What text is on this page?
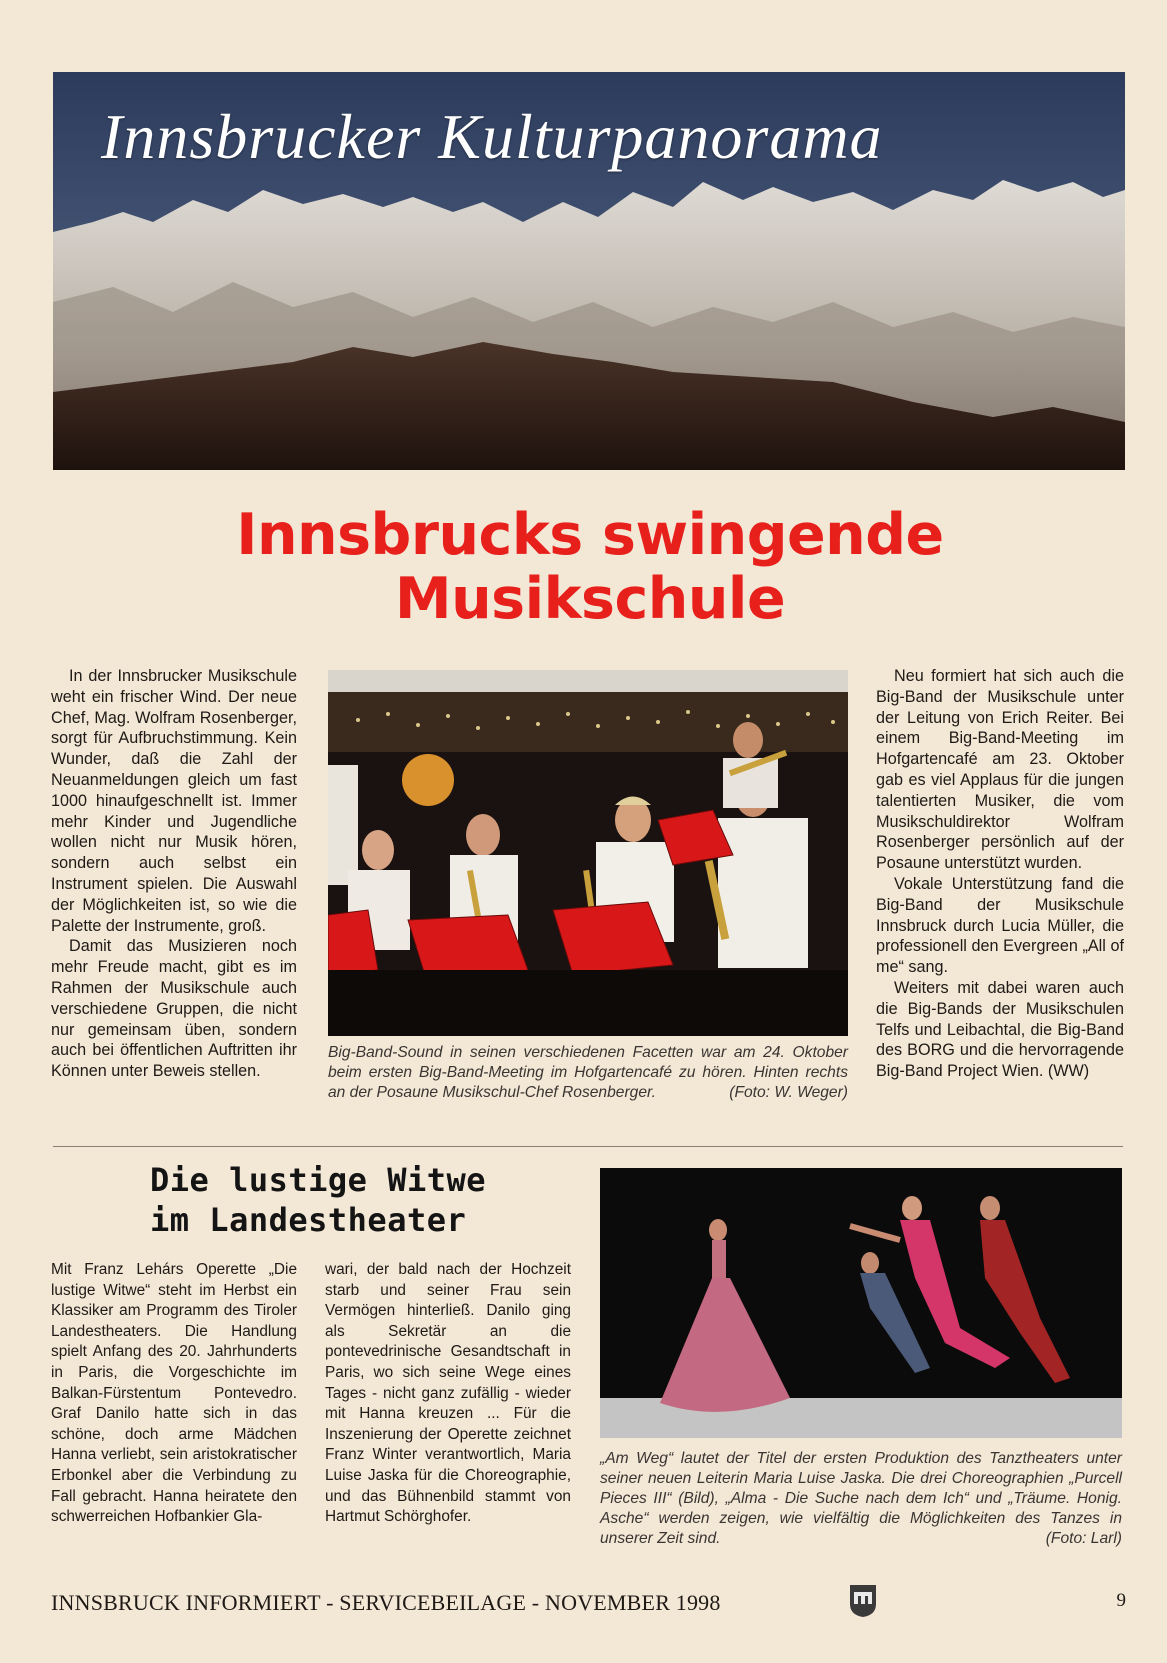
Innsbrucker Kulturpanorama
Innsbrucks swingende
Musikschule

In der Innsbrucker Musikschule weht ein frischer Wind. Der neue Chef, Mag. Wolfram Rosenberger, sorgt für Aufbruchstimmung. Kein Wunder, daß die Zahl der Neuanmeldungen gleich um fast 1000 hinaufgeschnellt ist. Immer mehr Kinder und Jugendliche wollen nicht nur Musik hören, sondern auch selbst ein Instrument spielen. Die Auswahl der Möglichkeiten ist, so wie die Palette der Instrumente, groß.

Damit das Musizieren noch mehr Freude macht, gibt es im Rahmen der Musikschule auch verschiedene Gruppen, die nicht nur gemeinsam üben, sondern auch bei öffentlichen Auftritten ihr Können unter Beweis stellen.

Big-Band-Sound in seinen verschiedenen Facetten war am 24. Oktober beim ersten Big-Band-Meeting im Hofgartencafé zu hören. Hinten rechts an der Posaune Musikschul-Chef Rosenberger.	(Foto: W. Weger)

Neu formiert hat sich auch die Big-Band der Musikschule unter der Leitung von Erich Reiter. Bei einem Big-Band-Meeting im Hofgartencafé am 23. Oktober gab es viel Applaus für die jungen talentierten Musiker, die vom Musikschuldirektor Wolfram Rosenberger persönlich auf der Posaune unterstützt wurden.

Vokale Unterstützung fand die Big-Band der Musikschule Innsbruck durch Lucia Müller, die professionell den Evergreen „All of me“ sang.

Weiters mit dabei waren auch die Big-Bands der Musikschulen Telfs und Leibachtal, die Big-Band des BORG und die hervorragende Big-Band Project Wien. (WW)

Die lustige Witwe
im Landestheater

Mit Franz Lehárs Operette „Die lustige Witwe“ steht im Herbst ein Klassiker am Programm des Tiroler Landestheaters. Die Handlung spielt Anfang des 20. Jahrhunderts in Paris, die Vorgeschichte im Balkan-Fürstentum Pontevedro. Graf Danilo hatte sich in das schöne, doch arme Mädchen Hanna verliebt, sein aristokratischer Erbonkel aber die Verbindung zu Fall gebracht. Hanna heiratete den schwerreichen Hofbankier Gla-

wari, der bald nach der Hochzeit starb und seiner Frau sein Vermögen hinterließ. Danilo ging als Sekretär an die pontevedrinische Gesandtschaft in Paris, wo sich seine Wege eines Tages - nicht ganz zufällig - wieder mit Hanna kreuzen ... Für die Inszenierung der Operette zeichnet Franz Winter verantwortlich, Maria Luise Jaska für die Choreographie, und das Bühnenbild stammt von Hartmut Schörghofer.

„Am Weg“ lautet der Titel der ersten Produktion des Tanztheaters unter seiner neuen Leiterin Maria Luise Jaska. Die drei Choreographien „Purcell Pieces III“ (Bild), „Alma - Die Suche nach dem Ich“ und „Träume. Honig. Asche“ werden zeigen, wie vielfältig die Möglichkeiten des Tanzes in unserer Zeit sind.	(Foto: Larl)
INNSBRUCK INFORMIERT - SERVICEBEILAGE - NOVEMBER 1998	9
